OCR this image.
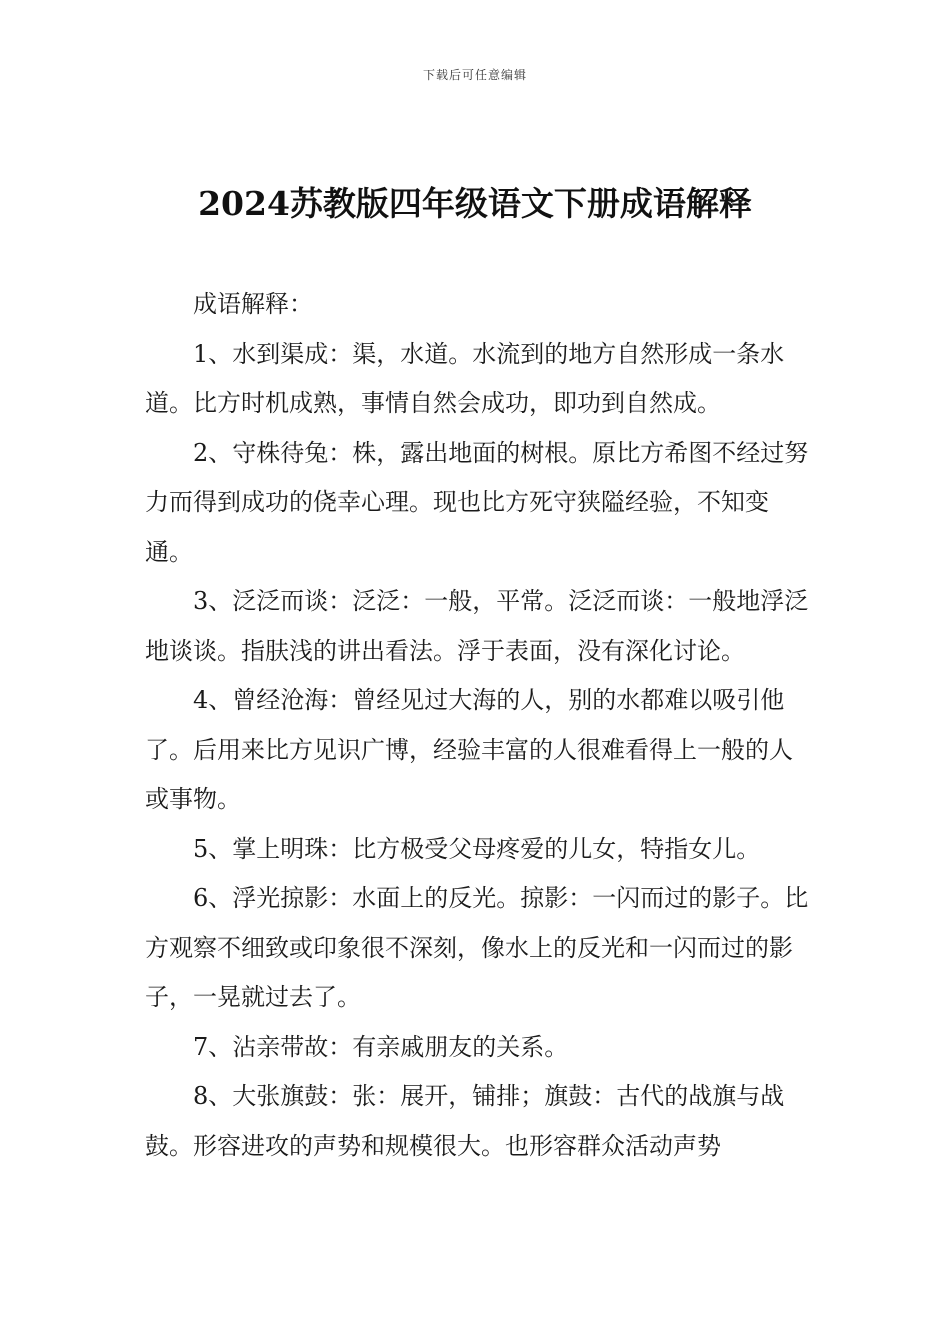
下载后可任意编辑
2024苏教版四年级语文下册成语解释

成语解释：

1、水到渠成：渠，水道。水流到的地方自然形成一条水道。比方时机成熟，事情自然会成功，即功到自然成。

2、守株待兔：株，露出地面的树根。原比方希图不经过努力而得到成功的侥幸心理。现也比方死守狭隘经验，不知变通。

3、泛泛而谈：泛泛：一般，平常。泛泛而谈：一般地浮泛地谈谈。指肤浅的讲出看法。浮于表面，没有深化讨论。

4、曾经沧海：曾经见过大海的人，别的水都难以吸引他了。后用来比方见识广博，经验丰富的人很难看得上一般的人或事物。

5、掌上明珠：比方极受父母疼爱的儿女，特指女儿。

6、浮光掠影：水面上的反光。掠影：一闪而过的影子。比方观察不细致或印象很不深刻，像水上的反光和一闪而过的影子，一晃就过去了。

7、沾亲带故：有亲戚朋友的关系。

8、大张旗鼓：张：展开，铺排；旗鼓：古代的战旗与战鼓。形容进攻的声势和规模很大。也形容群众活动声势
